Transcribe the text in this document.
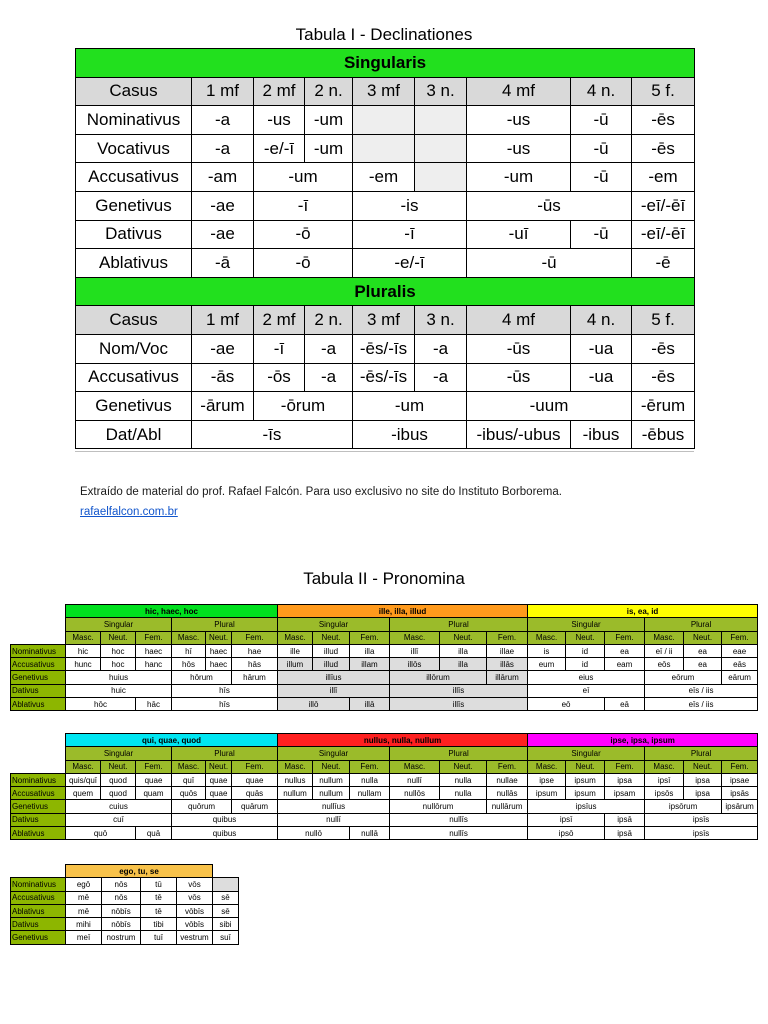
Tabula I - Declinationes
Singularis								
Casus	1 mf	2 mf	2 n.	3 mf	3 n.	4 mf	4 n.	5 f.
Nominativus	-a	-us	-um			-us	-ū	-ēs
Vocativus	-a	-e/-ī	-um			-us	-ū	-ēs
Accusativus	-am	-um		-em		-um	-ū	-em
Genetivus	-ae	-ī		-is		-ūs		-eī/-ēī
Dativus	-ae	-ō		-ī		-uī	-ū	-eī/-ēī
Ablativus	-ā	-ō		-e/-ī		-ū		-ē
Pluralis								
Casus	1 mf	2 mf	2 n.	3 mf	3 n.	4 mf	4 n.	5 f.
Nom/Voc	-ae	-ī	-a	-ēs/-īs	-a	-ūs	-ua	-ēs
Accusativus	-ās	-ōs	-a	-ēs/-īs	-a	-ūs	-ua	-ēs
Genetivus	-ārum	-ōrum		-um		-uum		-ērum
Dat/Abl	-īs			-ibus		-ibus/-ubus	-ibus	-ēbus
Extraído de material do prof. Rafael Falcón. Para uso exclusivo no site do Instituto Borborema.
rafaelfalcon.com.br
Tabula II - Pronomina
	hic, haec, hoc						ille, illa, illud						is, ea, id					
	Singular			Plural			Singular			Plural			Singular			Plural		
	Masc.	Neut.	Fem.	Masc.	Neut.	Fem.	Masc.	Neut.	Fem.	Masc.	Neut.	Fem.	Masc.	Neut.	Fem.	Masc.	Neut.	Fem.
Nominativus	hic	hoc	haec	hī	haec	hae	ille	illud	illa	illī	illa	illae	is	id	ea	eī / ii	ea	eae
Accusativus	hunc	hoc	hanc	hōs	haec	hās	illum	illud	illam	illōs	illa	illās	eum	id	eam	eōs	ea	eās
Genetivus	huius			hōrum		hārum	illīus			illōrum		illārum	eius			eōrum		eārum
Dativus	huic			hīs			illī			illīs			eī			eīs / iis		
Ablativus	hōc		hāc	hīs			illō		illā	illīs			eō		eā	eīs / iis		
	qui, quae, quod						nullus, nulla, nullum						ipse, ipsa, ipsum					
	Singular			Plural			Singular			Plural			Singular			Plural		
	Masc.	Neut.	Fem.	Masc.	Neut.	Fem.	Masc.	Neut.	Fem.	Masc.	Neut.	Fem.	Masc.	Neut.	Fem.	Masc.	Neut.	Fem.
Nominativus	quis/quī	quod	quae	quī	quae	quae	nullus	nullum	nulla	nullī	nulla	nullae	ipse	ipsum	ipsa	ipsī	ipsa	ipsae
Accusativus	quem	quod	quam	quōs	quae	quās	nullum	nullum	nullam	nullōs	nulla	nullās	ipsum	ipsum	ipsam	ipsōs	ipsa	ipsās
Genetivus	cuius			quōrum		quārum	nullīus			nullōrum		nullārum	ipsīus			ipsōrum		ipsārum
Dativus	cuī			quibus			nullī			nullīs			ipsī		ipsā	ipsīs		
Ablativus	quō		quā	quibus			nullō		nullā	nullīs			ipsō		ipsā	ipsīs		
	ego, tu, se				
Nominativus	egō	nōs	tū	vōs	
Accusativus	mē	nōs	tē	vōs	sē
Ablativus	mē	nōbīs	tē	vōbīs	sē
Dativus	mihi	nōbīs	tibi	vōbīs	sibi
Genetivus	meī	nostrum	tuī	vestrum	suī
